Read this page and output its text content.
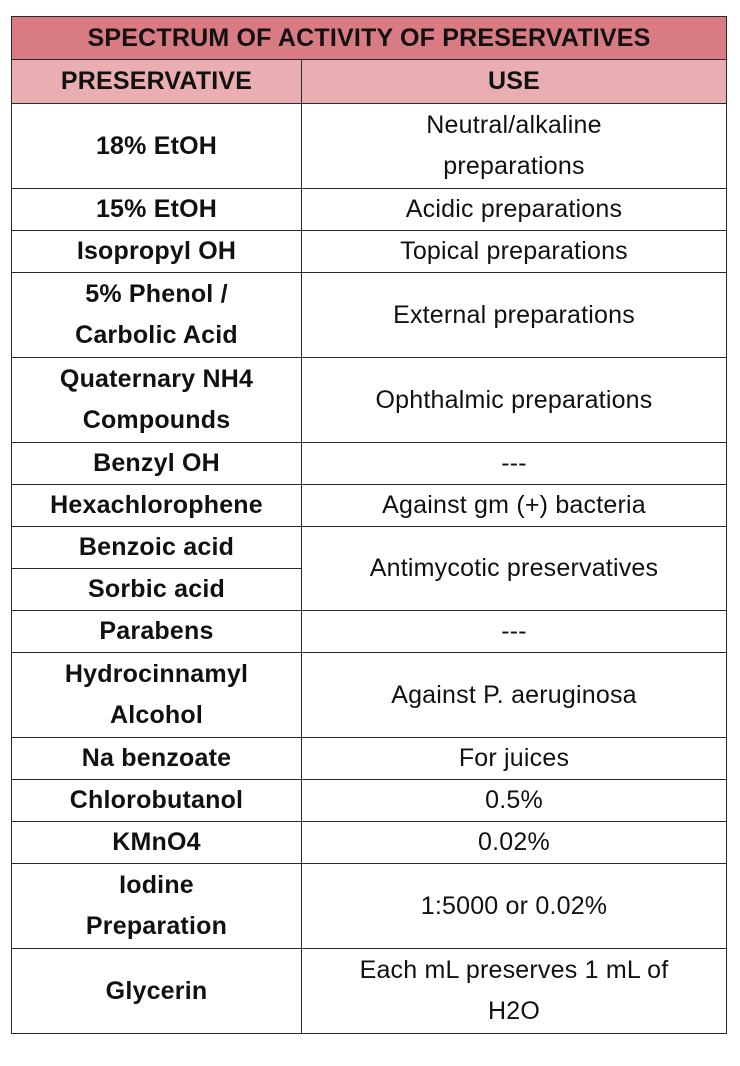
SPECTRUM OF ACTIVITY OF PRESERVATIVES	
PRESERVATIVE	USE

18% EtOH	Neutral/alkaline
preparations

15% EtOH	Acidic preparations

Isopropyl OH	Topical preparations

5% Phenol /
Carbolic Acid	External preparations

Quaternary NH4
Compounds	Ophthalmic preparations

Benzyl OH	---

Hexachlorophene	Against gm (+) bacteria

Benzoic acid	Antimycotic preservatives

Sorbic acid	

Parabens	---

Hydrocinnamyl
Alcohol	Against P. aeruginosa

Na benzoate	For juices

Chlorobutanol	0.5%

KMnO4	0.02%

Iodine
Preparation	1:5000 or 0.02%

Glycerin	Each mL preserves 1 mL of
H2O
